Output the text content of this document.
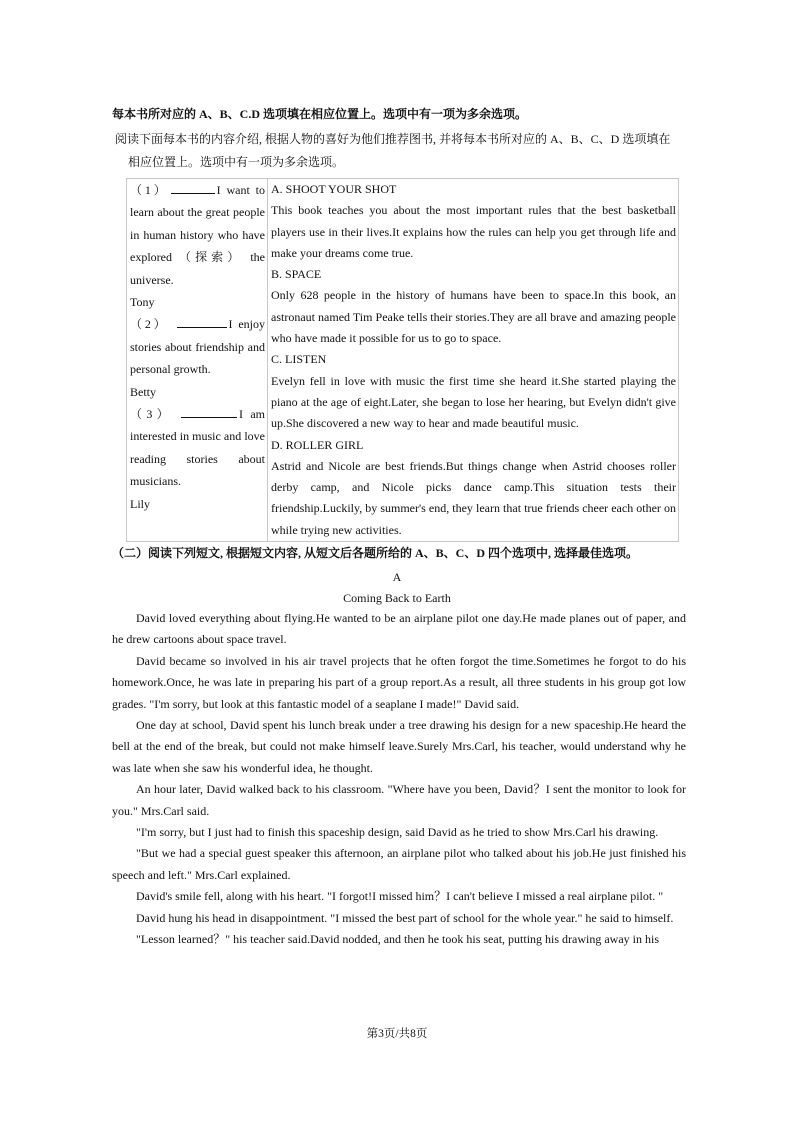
每本书所对应的 A、B、C.D 选项填在相应位置上。选项中有一项为多余选项。
阅读下面每本书的内容介绍, 根据人物的喜好为他们推荐图书, 并将每本书所对应的 A、B、C、D 选项填在
相应位置上。选项中有一项为多余选项。
（1）	I want to learn about the great people in human history who have explored （探索） the universe.
Tony
（2）	I enjoy stories about friendship and personal growth.
Betty
（3）	I am interested in music and love reading stories about musicians.
Lily

A. SHOOT YOUR SHOT
This book teaches you about the most important rules that the best basketball players use in their lives.It explains how the rules can help you get through life and make your dreams come true.
B. SPACE
Only 628 people in the history of humans have been to space.In this book, an astronaut named Tim Peake tells their stories.They are all brave and amazing people who have made it possible for us to go to space.
C. LISTEN
Evelyn fell in love with music the first time she heard it.She started playing the piano at the age of eight.Later, she began to lose her hearing, but Evelyn didn't give up.She discovered a new way to hear and made beautiful music.
D. ROLLER GIRL
Astrid and Nicole are best friends.But things change when Astrid chooses roller derby camp, and Nicole picks dance camp.This situation tests their friendship.Luckily, by summer's end, they learn that true friends cheer each other on while trying new activities.
（二）阅读下列短文, 根据短文内容, 从短文后各题所给的 A、B、C、D 四个选项中, 选择最佳选项。
A
Coming Back to Earth
David loved everything about flying.He wanted to be an airplane pilot one day.He made planes out of paper, and he drew cartoons about space travel.
David became so involved in his air travel projects that he often forgot the time.Sometimes he forgot to do his homework.Once, he was late in preparing his part of a group report.As a result, all three students in his group got low grades. "I'm sorry, but look at this fantastic model of a seaplane I made!" David said.
One day at school, David spent his lunch break under a tree drawing his design for a new spaceship.He heard the bell at the end of the break, but could not make himself leave.Surely Mrs.Carl, his teacher, would understand why he was late when she saw his wonderful idea, he thought.
An hour later, David walked back to his classroom. "Where have you been, David？I sent the monitor to look for you." Mrs.Carl said.
"I'm sorry, but I just had to finish this spaceship design, said David as he tried to show Mrs.Carl his drawing.
"But we had a special guest speaker this afternoon, an airplane pilot who talked about his job.He just finished his speech and left." Mrs.Carl explained.
David's smile fell, along with his heart. "I forgot!I missed him？I can't believe I missed a real airplane pilot. "
David hung his head in disappointment. "I missed the best part of school for the whole year." he said to himself.
"Lesson learned？" his teacher said.David nodded, and then he took his seat, putting his drawing away in his
第3页/共8页
